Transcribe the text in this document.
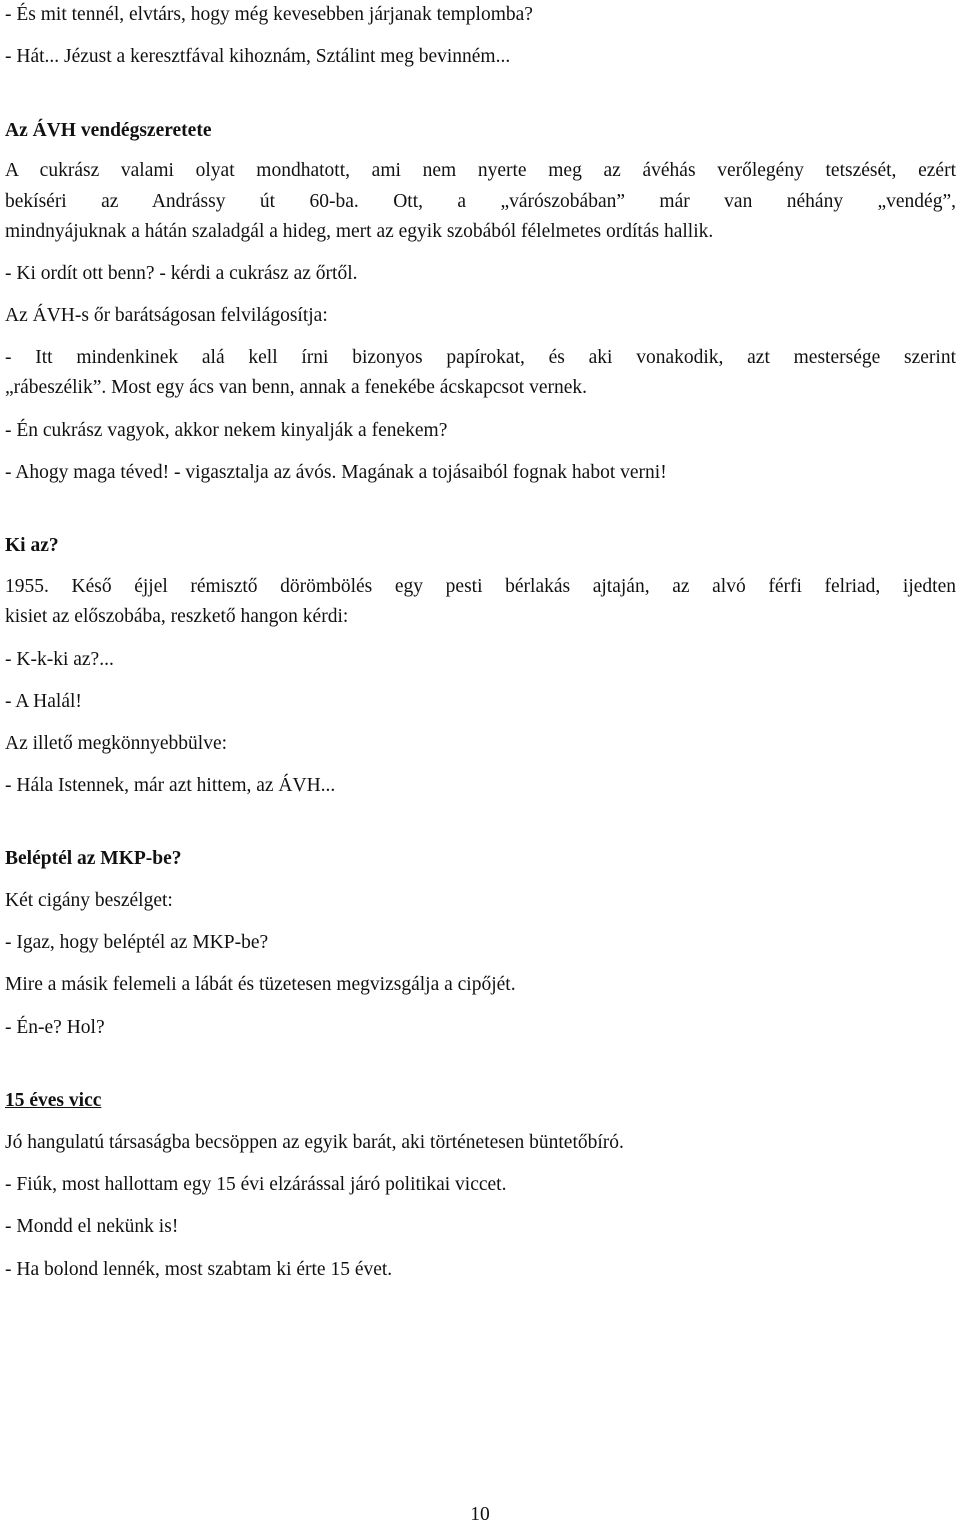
- És mit tennél, elvtárs, hogy még kevesebben járjanak templomba?
- Hát... Jézust a keresztfával kihoznám, Sztálint meg bevinném...
Az ÁVH vendégszeretete
A cukrász valami olyat mondhatott, ami nem nyerte meg az ávéhás verőlegény tetszését, ezért
bekíséri az Andrássy út 60-ba. Ott, a „várószobában” már van néhány „vendég”,
mindnyájuknak a hátán szaladgál a hideg, mert az egyik szobából félelmetes ordítás hallik.
- Ki ordít ott benn? - kérdi a cukrász az őrtől.
Az ÁVH-s őr barátságosan felvilágosítja:
- Itt mindenkinek alá kell írni bizonyos papírokat, és aki vonakodik, azt mestersége szerint
„rábeszélik”. Most egy ács van benn, annak a fenekébe ácskapcsot vernek.
- Én cukrász vagyok, akkor nekem kinyalják a fenekem?
- Ahogy maga téved! - vigasztalja az ávós. Magának a tojásaiból fognak habot verni!
Ki az?
1955. Késő éjjel rémisztő dörömbölés egy pesti bérlakás ajtaján, az alvó férfi felriad, ijedten
kisiet az előszobába, reszkető hangon kérdi:
- K-k-ki az?...
- A Halál!
Az illető megkönnyebbülve:
- Hála Istennek, már azt hittem, az ÁVH...
Beléptél az MKP-be?
Két cigány beszélget:
- Igaz, hogy beléptél az MKP-be?
Mire a másik felemeli a lábát és tüzetesen megvizsgálja a cipőjét.
- Én-e? Hol?
15 éves vicc
Jó hangulatú társaságba becsöppen az egyik barát, aki történetesen büntetőbíró.
- Fiúk, most hallottam egy 15 évi elzárással járó politikai viccet.
- Mondd el nekünk is!
- Ha bolond lennék, most szabtam ki érte 15 évet.
10
